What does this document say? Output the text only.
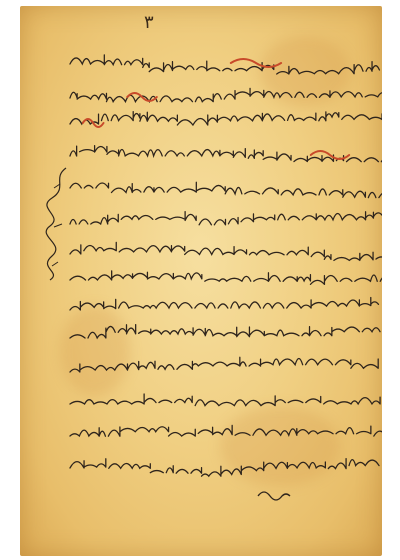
٣
